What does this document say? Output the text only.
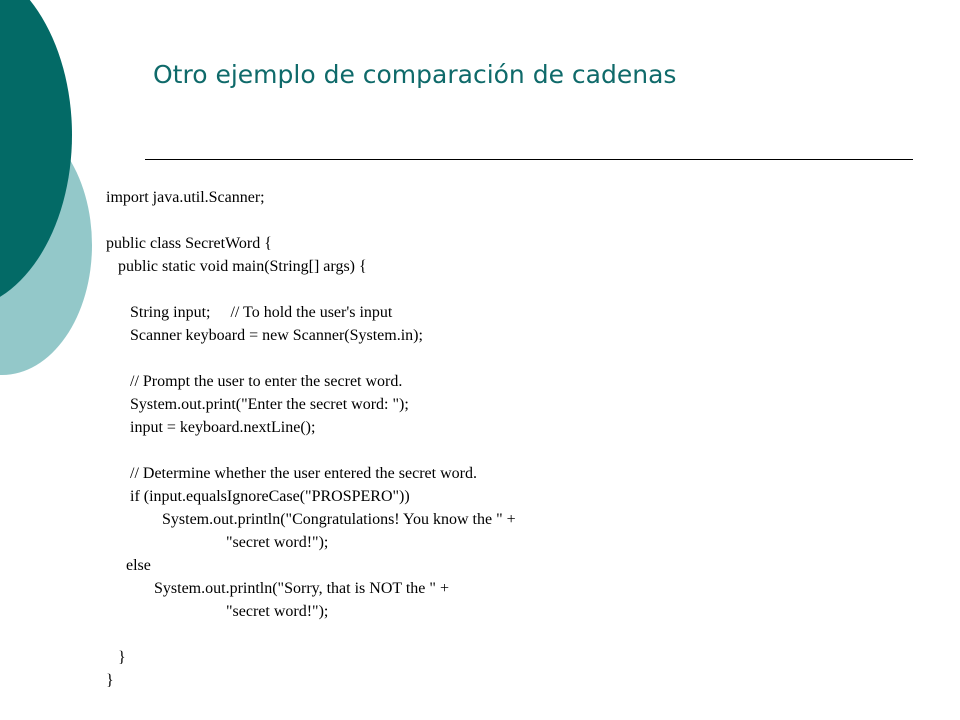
Otro ejemplo de comparación de cadenas
import java.util.Scanner;
public class SecretWord {
public static void main(String[] args) {
String input;     // To hold the user's input
Scanner keyboard = new Scanner(System.in);
// Prompt the user to enter the secret word.
System.out.print("Enter the secret word: ");
input = keyboard.nextLine();
// Determine whether the user entered the secret word.
if (input.equalsIgnoreCase("PROSPERO"))
System.out.println("Congratulations! You know the " +
"secret word!");
else
System.out.println("Sorry, that is NOT the " +
"secret word!");
}
}
